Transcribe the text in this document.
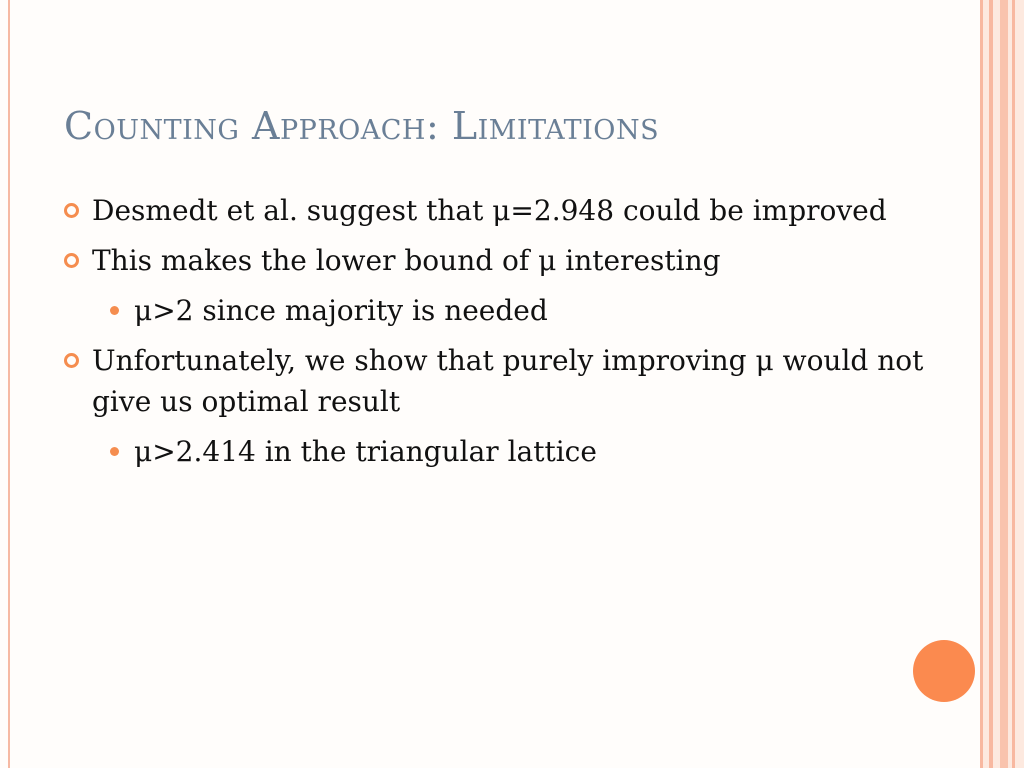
Counting Approach: Limitations
Desmedt et al. suggest that μ=2.948 could be improved
This makes the lower bound of μ interesting
μ>2 since majority is needed
Unfortunately, we show that purely improving μ would not give us optimal result
μ>2.414 in the triangular lattice
